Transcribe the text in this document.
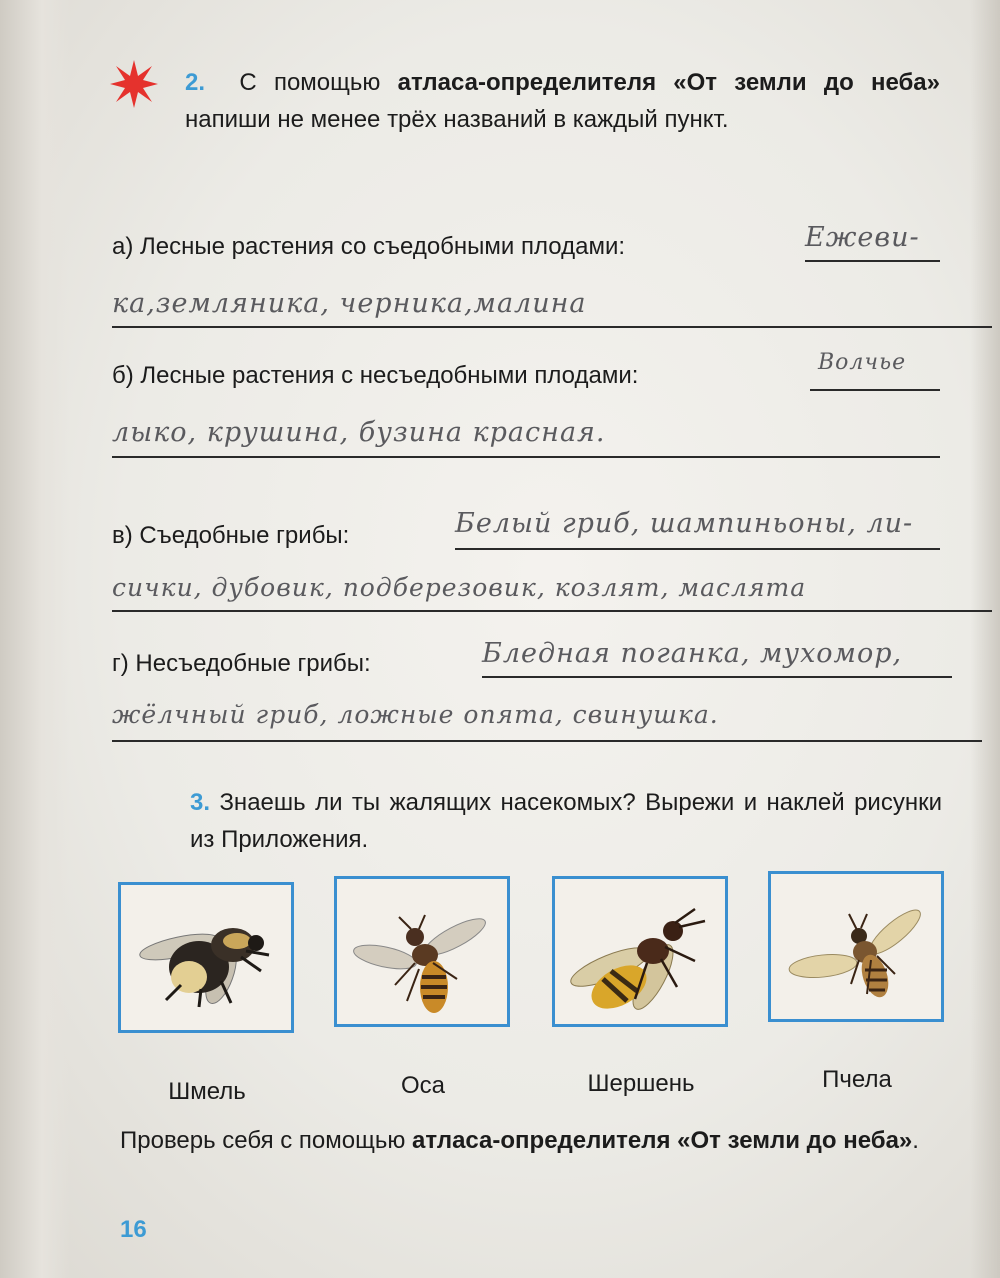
2. С помощью атласа-определителя «От земли до неба» напиши не менее трёх названий в каждый пункт.
а) Лесные растения со съедобными плодами:	Ежеви-
ка,земляника, черника,малина
б) Лесные растения с несъедобными плодами:	Волчье
лыко, крушина, бузина красная.
в) Съедобные грибы:	Белый гриб, шампиньоны, ли-
сички, дубовик, подберезовик, козлят, маслята
г) Несъедобные грибы:	Бледная поганка, мухомор,
жёлчный гриб, ложные опята, свинушка.
3. Знаешь ли ты жалящих насекомых? Вырежи и наклей рисунки из Приложения.
Шмель	Оса	Шершень	Пчела
Проверь себя с помощью атласа-определителя «От земли до неба».
16
